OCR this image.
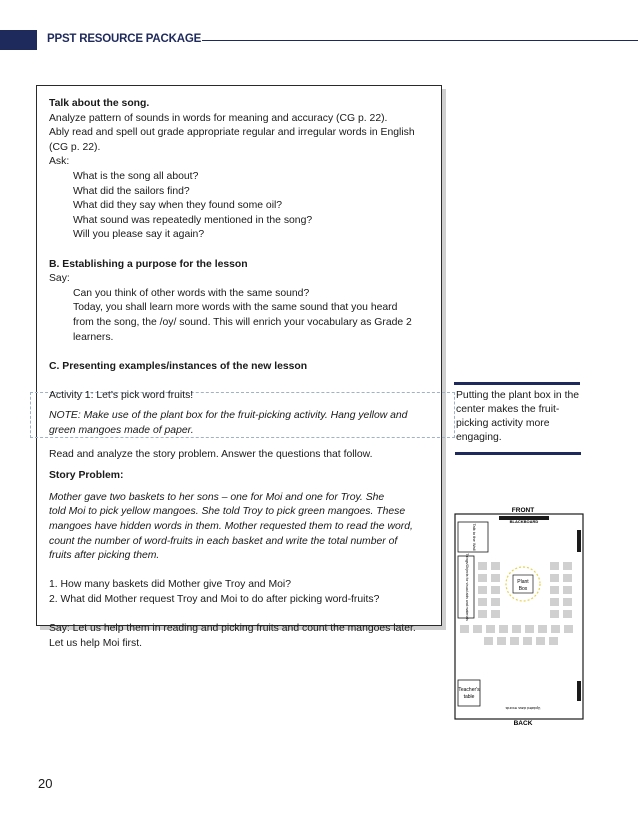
PPST RESOURCE PACKAGE

Talk about the song.

Analyze pattern of sounds in words for meaning and accuracy (CG p. 22).

Ably read and spell out grade appropriate regular and irregular words in English

(CG p. 22).

Ask:

What is the song all about?

What did the sailors find?

What did they say when they found some oil?

What sound was repeatedly mentioned in the song?

Will you please say it again?

B. Establishing a purpose for the lesson

Say:

Can you think of other words with the same sound?

Today, you shall learn more words with the same sound that you heard

from the song, the /oy/ sound. This will enrich your vocabulary as Grade 2

learners.

C. Presenting examples/instances of the new lesson

Activity 1: Let’s pick word fruits!

NOTE: Make use of the plant box for the fruit-picking activity. Hang yellow and

green mangoes made of paper.

Read and analyze the story problem. Answer the questions that follow.

Story Problem:

Mother gave two baskets to her sons – one for Moi and one for Troy. She

told Moi to pick yellow mangoes. She told Troy to pick green mangoes. These

mangoes have hidden words in them. Mother requested them to read the word,

count the number of word-fruits in each basket and write the total number of

fruits after picking them.

1. How many baskets did Mother give Troy and Moi?

2. What did Mother request Troy and Moi to do after picking word-fruits?

Say: Let us help them in reading and picking fruits and count the mangoes later.

Let us help Moi first.

Putting the plant box in the center makes the fruit-picking activity more engaging.
FRONT
BACK
BLACKBOARD
Talk to the Wall
Things/Objects for visual aids and materials	Plant
Box
Teacher's
table
Updated class records
20
